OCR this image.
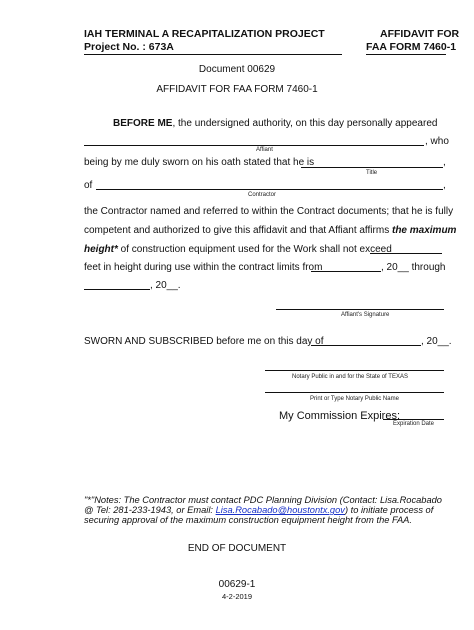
IAH TERMINAL A RECAPITALIZATION PROJECT
Project No. : 673A
AFFIDAVIT FOR
FAA FORM 7460-1
Document 00629
AFFIDAVIT FOR FAA FORM 7460-1
BEFORE ME, the undersigned authority, on this day personally appeared
, who
Affiant
being by me duly sworn on his oath stated that he is	,
Title
of	,
Contractor
the Contractor named and referred to within the Contract documents; that he is fully
competent and authorized to give this affidavit and that Affiant affirms the maximum
height* of construction equipment used for the Work shall not exceed
feet in height during use within the contract limits from	, 20__ through
, 20__.
Affiant's Signature
SWORN AND SUBSCRIBED before me on this day of	, 20__.
Notary Public in and for the State of TEXAS
Print or Type Notary Public Name
My Commission Expires:
Expiration Date
"*"Notes: The Contractor must contact PDC Planning Division (Contact: Lisa.Rocabado
@ Tel: 281-233-1943, or Email: Lisa.Rocabado@houstontx.gov) to initiate process of
securing approval of the maximum construction equipment height from the FAA.
END OF DOCUMENT
00629-1
4-2-2019
